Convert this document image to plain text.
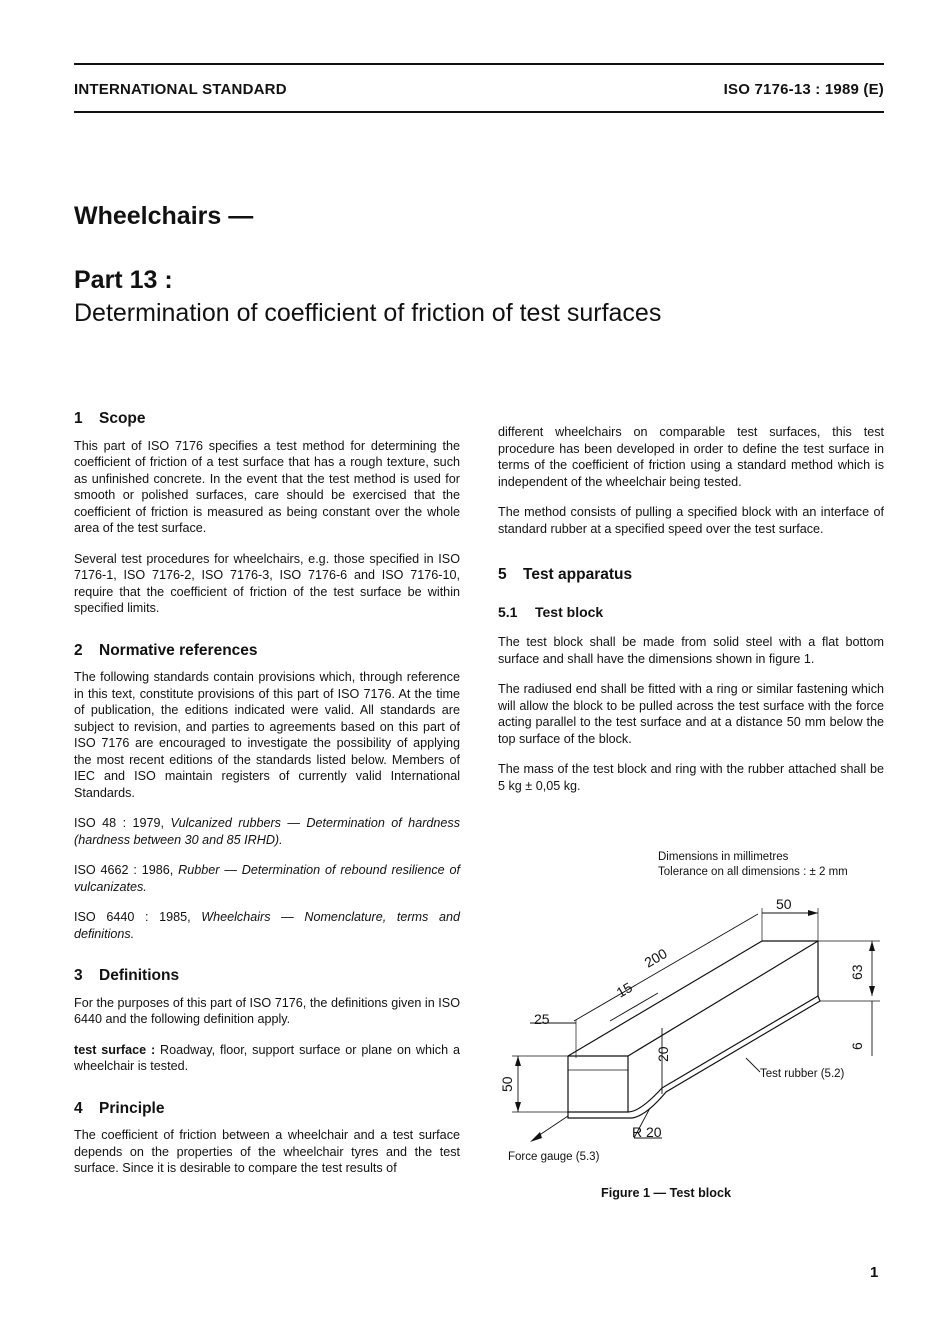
INTERNATIONAL STANDARD	ISO 7176-13 : 1989 (E)
Wheelchairs —
Part 13 :
Determination of coefficient of friction of test surfaces
1 Scope

This part of ISO 7176 specifies a test method for determining the coefficient of friction of a test surface that has a rough texture, such as unfinished concrete. In the event that the test method is used for smooth or polished surfaces, care should be exercised that the coefficient of friction is measured as being constant over the whole area of the test surface.

Several test procedures for wheelchairs, e.g. those specified in ISO 7176-1, ISO 7176-2, ISO 7176-3, ISO 7176-6 and ISO 7176-10, require that the coefficient of friction of the test surface be within specified limits.

2 Normative references

The following standards contain provisions which, through reference in this text, constitute provisions of this part of ISO 7176. At the time of publication, the editions indicated were valid. All standards are subject to revision, and parties to agreements based on this part of ISO 7176 are encouraged to investigate the possibility of applying the most recent editions of the standards listed below. Members of IEC and ISO maintain registers of currently valid International Standards.

ISO 48 : 1979, Vulcanized rubbers — Determination of hardness (hardness between 30 and 85 IRHD).

ISO 4662 : 1986, Rubber — Determination of rebound resilience of vulcanizates.

ISO 6440 : 1985, Wheelchairs — Nomenclature, terms and definitions.

3 Definitions

For the purposes of this part of ISO 7176, the definitions given in ISO 6440 and the following definition apply.

test surface : Roadway, floor, support surface or plane on which a wheelchair is tested.

4 Principle

The coefficient of friction between a wheelchair and a test surface depends on the properties of the wheelchair tyres and the test surface. Since it is desirable to compare the test results of

different wheelchairs on comparable test surfaces, this test procedure has been developed in order to define the test surface in terms of the coefficient of friction using a standard method which is independent of the wheelchair being tested.

The method consists of pulling a specified block with an interface of standard rubber at a specified speed over the test surface.

5 Test apparatus
5.1 Test block

The test block shall be made from solid steel with a flat bottom surface and shall have the dimensions shown in figure 1.

The radiused end shall be fitted with a ring or similar fastening which will allow the block to be pulled across the test surface with the force acting parallel to the test surface and at a distance 50 mm below the top surface of the block.

The mass of the test block and ring with the rubber attached shall be 5 kg ± 0,05 kg.

Dimensions in millimetres
Tolerance on all dimensions : ± 2 mm
50
200
15
25
20
63
6
50
R 20
Test rubber (5.2)
Force gauge (5.3)
Figure 1 — Test block
1
